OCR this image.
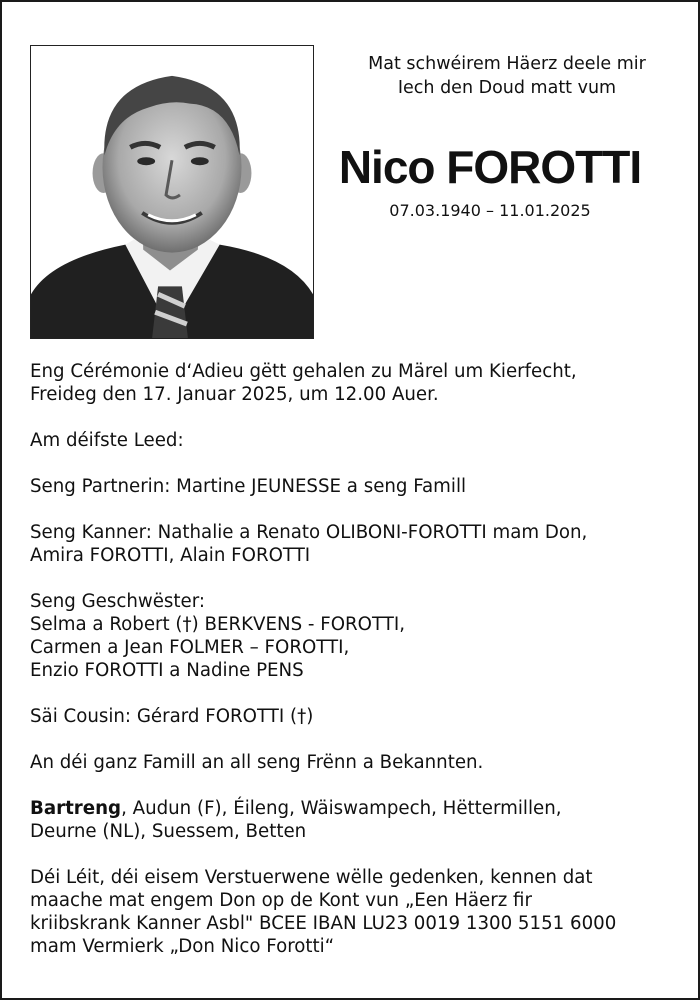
Mat schwéirem Häerz deele mir
Iech den Doud matt vum
Nico FOROTTI
07.03.1940 – 11.01.2025

Eng Cérémonie d‘Adieu gëtt gehalen zu Märel um Kierfecht,
Freideg den 17. Januar 2025, um 12.00 Auer.

Am déifste Leed:

Seng Partnerin: Martine JEUNESSE a seng Famill

Seng Kanner: Nathalie a Renato OLIBONI-FOROTTI mam Don,
Amira FOROTTI, Alain FOROTTI

Seng Geschwëster:
Selma a Robert (†) BERKVENS - FOROTTI,
Carmen a Jean FOLMER – FOROTTI,
Enzio FOROTTI a Nadine PENS

Säi Cousin: Gérard FOROTTI (†)

An déi ganz Famill an all seng Frënn a Bekannten.

Bartreng, Audun (F), Éileng, Wäiswampech, Hëttermillen,
Deurne (NL), Suessem, Betten

Déi Léit, déi eisem Verstuerwene wëlle gedenken, kennen dat
maache mat engem Don op de Kont vun „Een Häerz fir
kriibskrank Kanner Asbl" BCEE IBAN LU23 0019 1300 5151 6000
mam Vermierk „Don Nico Forotti“
